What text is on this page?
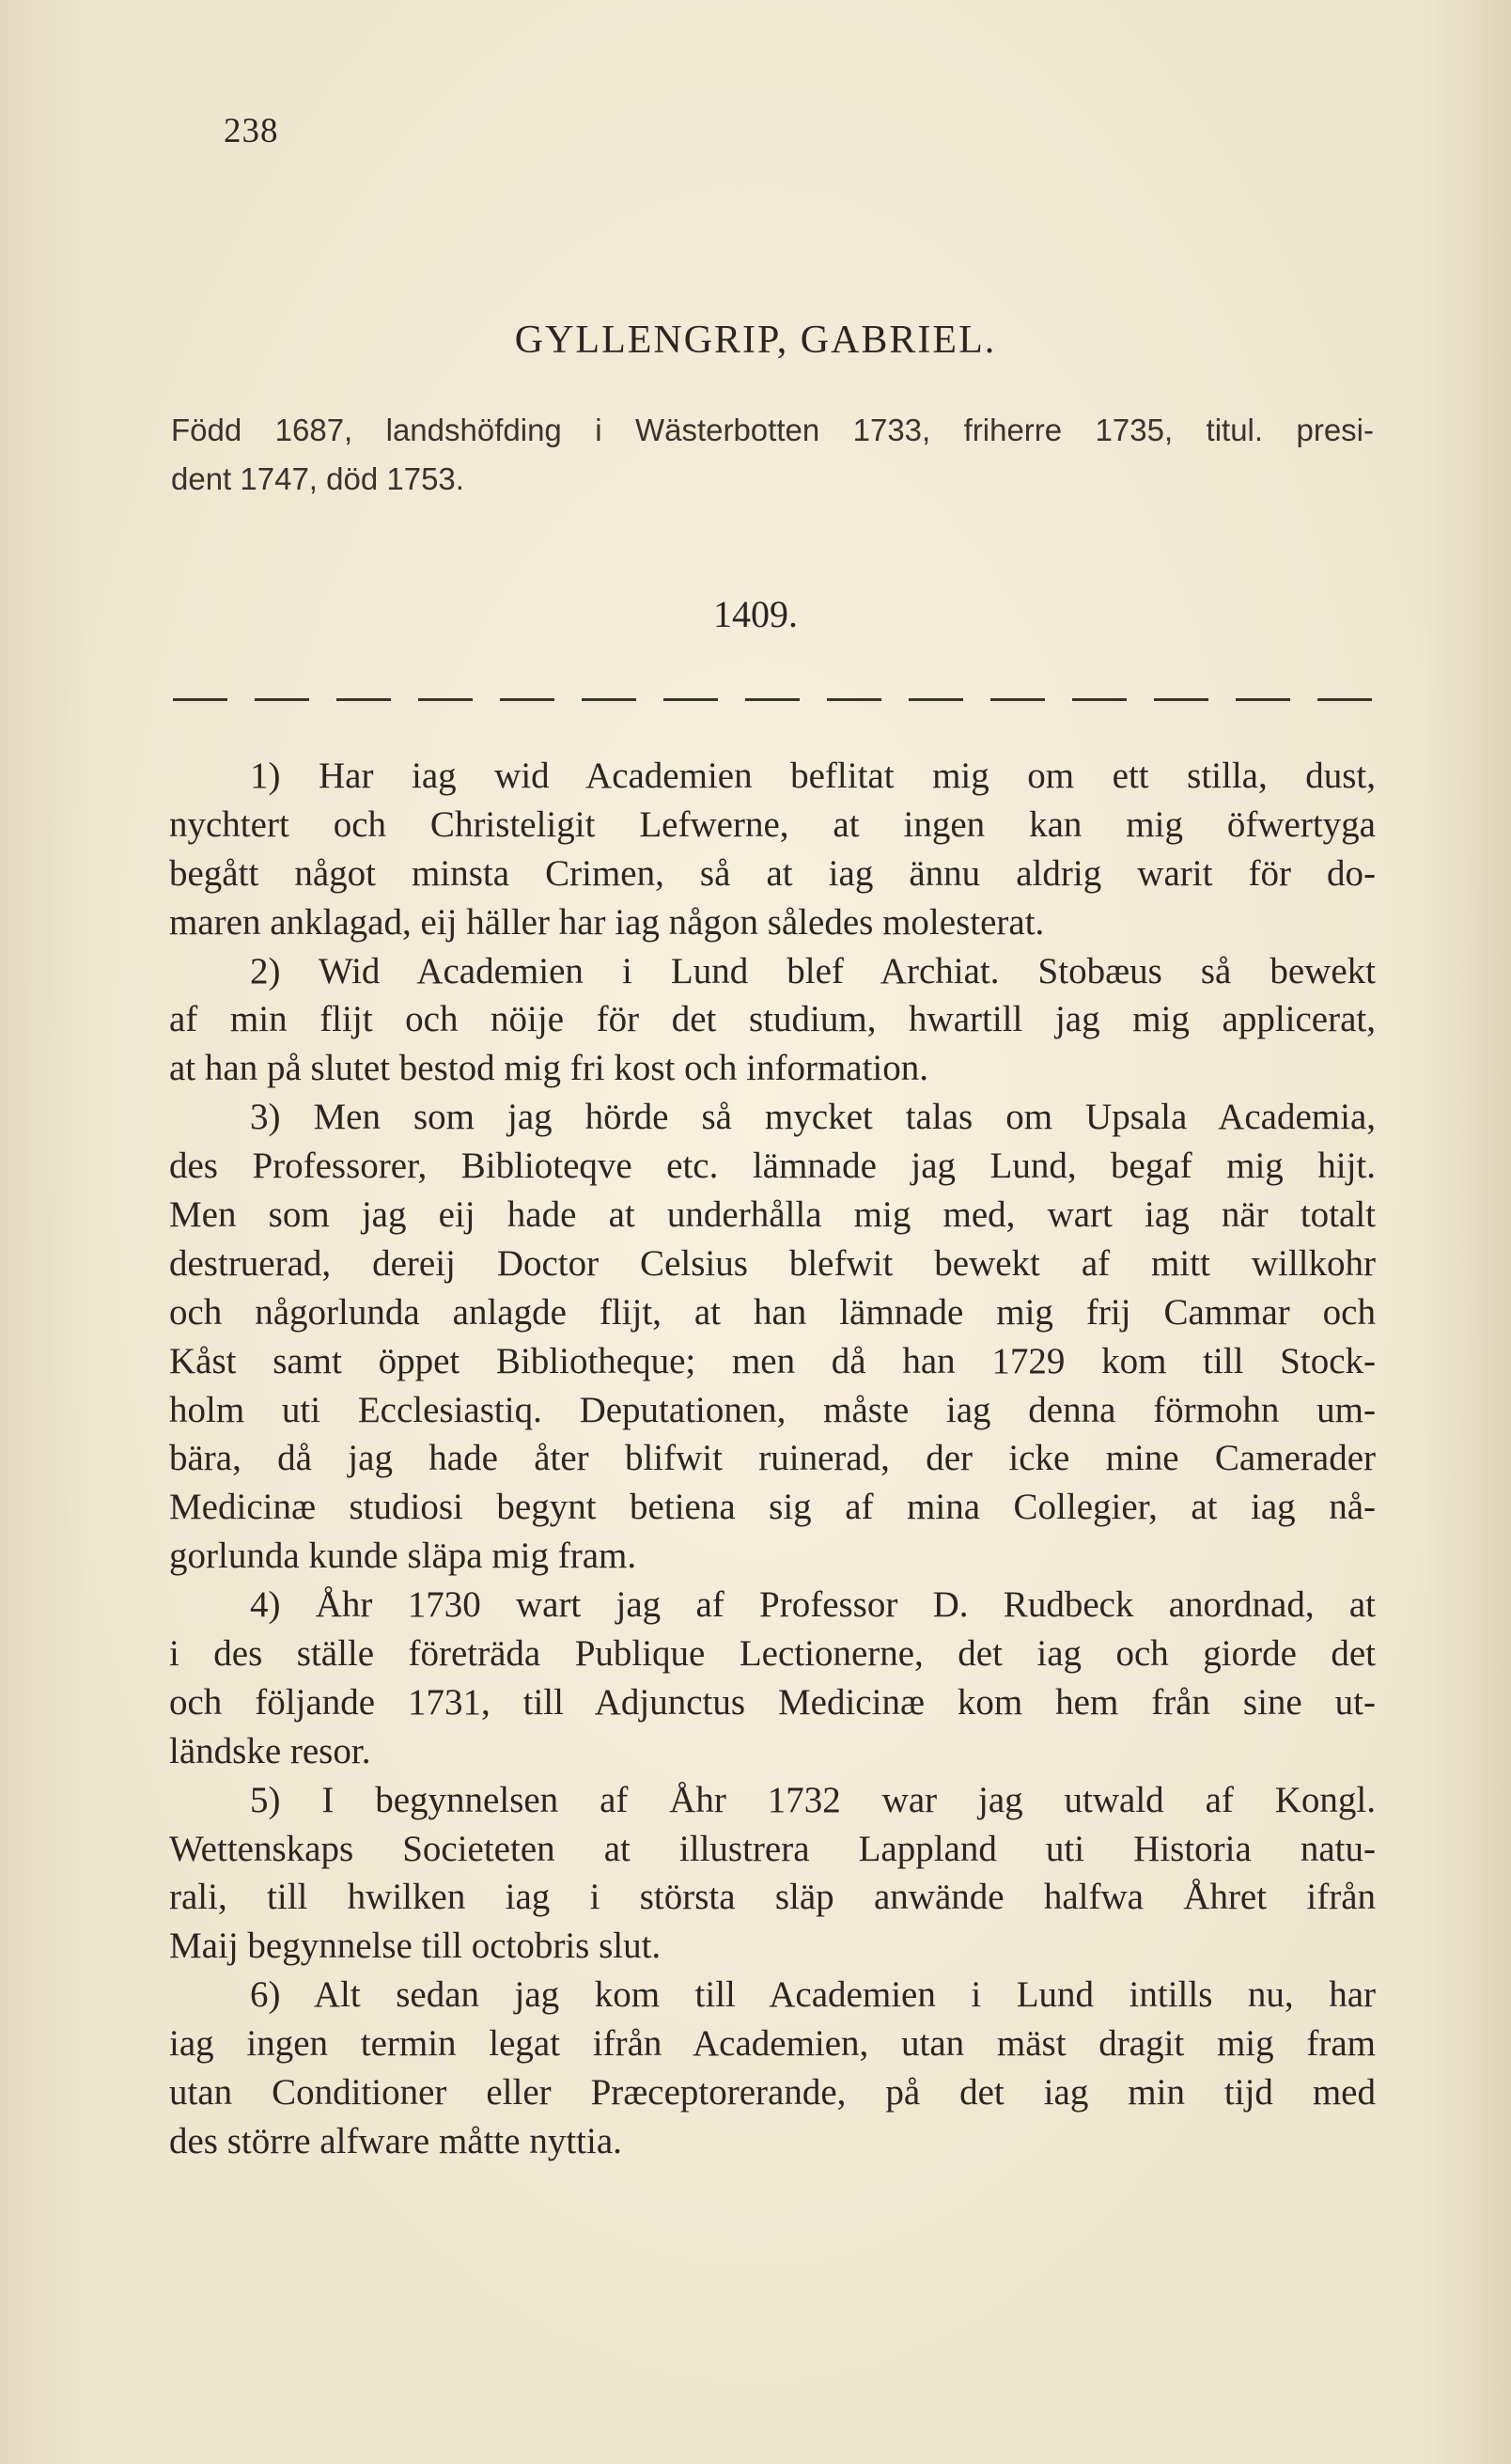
238
GYLLENGRIP, GABRIEL.
Född 1687, landshöfding i Wästerbotten 1733, friherre 1735, titul. presi-
dent 1747, död 1753.
1409.
1) Har iag wid Academien beflitat mig om ett stilla, dust,
nychtert och Christeligit Lefwerne, at ingen kan mig öfwertyga
begått något minsta Crimen, så at iag ännu aldrig warit för do-
maren anklagad, eij häller har iag någon således molesterat.
2) Wid Academien i Lund blef Archiat. Stobæus så bewekt
af min flijt och nöije för det studium, hwartill jag mig applicerat,
at han på slutet bestod mig fri kost och information.
3) Men som jag hörde så mycket talas om Upsala Academia,
des Professorer, Biblioteqve etc. lämnade jag Lund, begaf mig hijt.
Men som jag eij hade at underhålla mig med, wart iag när totalt
destruerad, dereij Doctor Celsius blefwit bewekt af mitt willkohr
och någorlunda anlagde flijt, at han lämnade mig frij Cammar och
Kåst samt öppet Bibliotheque; men då han 1729 kom till Stock-
holm uti Ecclesiastiq. Deputationen, måste iag denna förmohn um-
bära, då jag hade åter blifwit ruinerad, der icke mine Camerader
Medicinæ studiosi begynt betiena sig af mina Collegier, at iag nå-
gorlunda kunde släpa mig fram.
4) Åhr 1730 wart jag af Professor D. Rudbeck anordnad, at
i des ställe företräda Publique Lectionerne, det iag och giorde det
och följande 1731, till Adjunctus Medicinæ kom hem från sine ut-
ländske resor.
5) I begynnelsen af Åhr 1732 war jag utwald af Kongl.
Wettenskaps Societeten at illustrera Lappland uti Historia natu-
rali, till hwilken iag i största släp anwände halfwa Åhret ifrån
Maij begynnelse till octobris slut.
6) Alt sedan jag kom till Academien i Lund intills nu, har
iag ingen termin legat ifrån Academien, utan mäst dragit mig fram
utan Conditioner eller Præceptorerande, på det iag min tijd med
des större alfware måtte nyttia.
